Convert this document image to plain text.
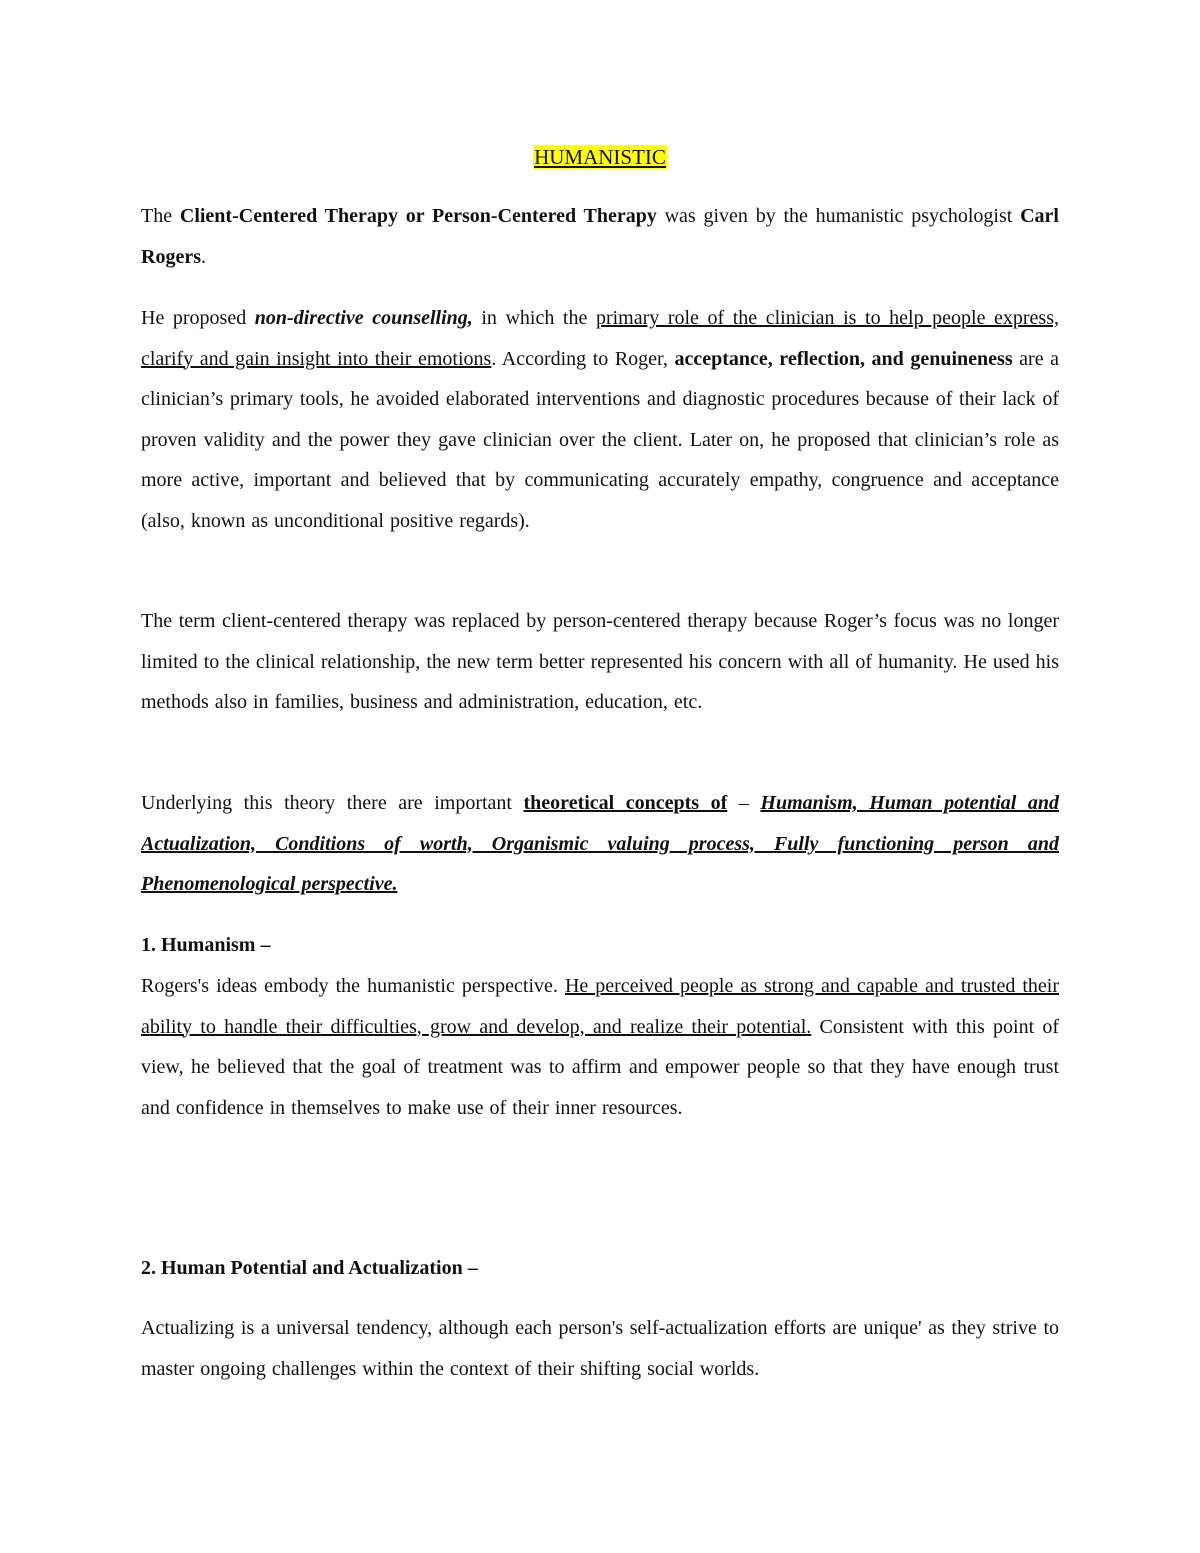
HUMANISTIC

The Client-Centered Therapy or Person-Centered Therapy was given by the humanistic psychologist Carl Rogers.

He proposed non-directive counselling, in which the primary role of the clinician is to help people express, clarify and gain insight into their emotions. According to Roger, acceptance, reflection, and genuineness are a clinician’s primary tools, he avoided elaborated interventions and diagnostic procedures because of their lack of proven validity and the power they gave clinician over the client. Later on, he proposed that clinician’s role as more active, important and believed that by communicating accurately empathy, congruence and acceptance (also, known as unconditional positive regards).

The term client-centered therapy was replaced by person-centered therapy because Roger’s focus was no longer limited to the clinical relationship, the new term better represented his concern with all of humanity. He used his methods also in families, business and administration, education, etc.

Underlying this theory there are important theoretical concepts of – Humanism, Human potential and Actualization, Conditions of worth, Organismic valuing process, Fully functioning person and Phenomenological perspective.

1. Humanism –

Rogers's ideas embody the humanistic perspective. He perceived people as strong and capable and trusted their ability to handle their difficulties, grow and develop, and realize their potential. Consistent with this point of view, he believed that the goal of treatment was to affirm and empower people so that they have enough trust and confidence in themselves to make use of their inner resources.

2. Human Potential and Actualization –

Actualizing is a universal tendency, although each person's self-actualization efforts are unique' as they strive to master ongoing challenges within the context of their shifting social worlds.
